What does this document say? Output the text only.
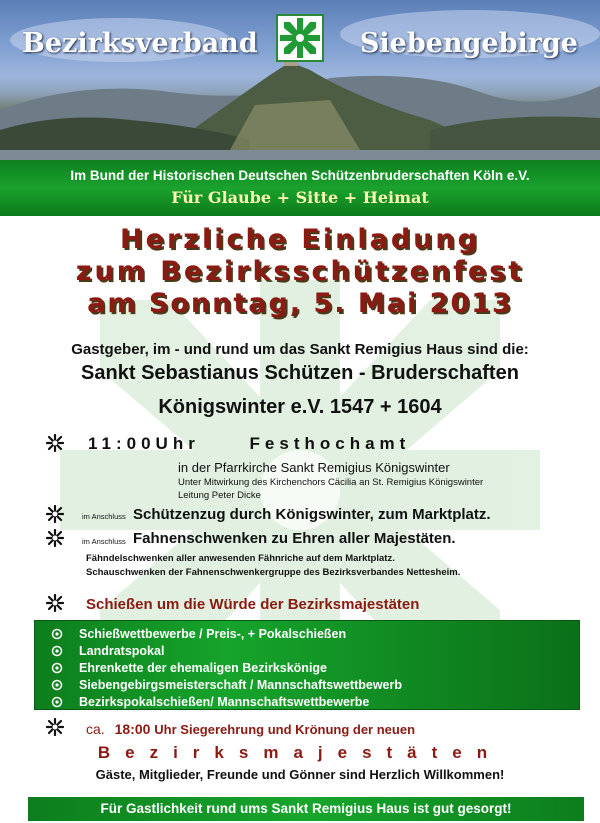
Bezirksverband	Siebengebirge
Im Bund der Historischen Deutschen Schützenbruderschaften Köln e.V.
Für Glaube + Sitte + Heimat
Herzliche Einladung
zum Bezirksschützenfest
am Sonntag, 5. Mai 2013
Gastgeber, im - und rund um das Sankt Remigius Haus sind die:
Sankt Sebastianus Schützen - Bruderschaften
Königswinter e.V. 1547 + 1604
11:00Uhr Festhochamt
in der Pfarrkirche Sankt Remigius Königswinter
Unter Mitwirkung des Kirchenchors Cäcilia an St. Remigius Königswinter
Leitung Peter Dicke
im Anschluss Schützenzug durch Königswinter, zum Marktplatz.
im Anschluss Fahnenschwenken zu Ehren aller Majestäten.
Fähndelschwenken aller anwesenden Fähnriche auf dem Marktplatz.
Schauschwenken der Fahnenschwenkergruppe des Bezirksverbandes Nettesheim.
Schießen um die Würde der Bezirksmajestäten
Schießwettbewerbe / Preis-, + Pokalschießen
Landratspokal
Ehrenkette der ehemaligen Bezirkskönige
Siebengebirgsmeisterschaft / Mannschaftswettbewerb
Bezirkspokalschießen/ Mannschaftswettbewerbe
ca. 18:00 Uhr Siegerehrung und Krönung der neuen
Bezirksmajestäten
Gäste, Mitglieder, Freunde und Gönner sind Herzlich Willkommen!
Für Gastlichkeit rund ums Sankt Remigius Haus ist gut gesorgt!
